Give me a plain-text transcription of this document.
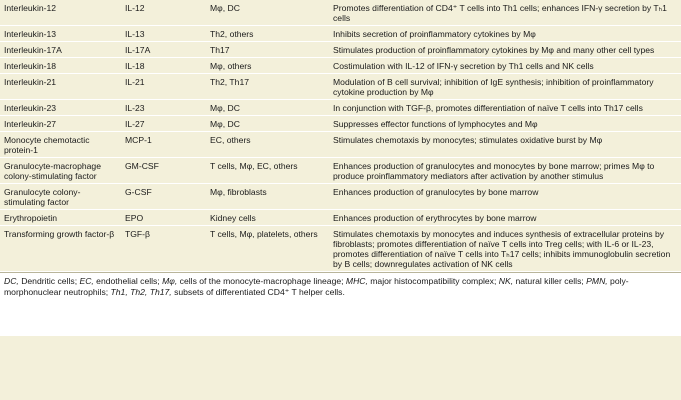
Interleukin-12	IL-12	Mφ, DC	Promotes differentiation of CD4⁺ T cells into Th1 cells; enhances IFN-γ secretion by Tₕ1 cells
Interleukin-13	IL-13	Th2, others	Inhibits secretion of proinflammatory cytokines by Mφ
Interleukin-17A	IL-17A	Th17	Stimulates production of proinflammatory cytokines by Mφ and many other cell types
Interleukin-18	IL-18	Mφ, others	Costimulation with IL-12 of IFN-γ secretion by Th1 cells and NK cells
Interleukin-21	IL-21	Th2, Th17	Modulation of B cell survival; inhibition of IgE synthesis; inhibition of proinflammatory cytokine production by Mφ
Interleukin-23	IL-23	Mφ, DC	In conjunction with TGF-β, promotes differentiation of naïve T cells into Th17 cells
Interleukin-27	IL-27	Mφ, DC	Suppresses effector functions of lymphocytes and Mφ
Monocyte chemotactic protein-1	MCP-1	EC, others	Stimulates chemotaxis by monocytes; stimulates oxidative burst by Mφ
Granulocyte-macrophage colony-stimulating factor	GM-CSF	T cells, Mφ, EC, others	Enhances production of granulocytes and monocytes by bone marrow; primes Mφ to produce proinflammatory mediators after activation by another stimulus
Granulocyte colony-stimulating factor	G-CSF	Mφ, fibroblasts	Enhances production of granulocytes by bone marrow
Erythropoietin	EPO	Kidney cells	Enhances production of erythrocytes by bone marrow
Transforming growth factor-β	TGF-β	T cells, Mφ, platelets, others	Stimulates chemotaxis by monocytes and induces synthesis of extracellular proteins by fibroblasts; promotes differentiation of naïve T cells into Treg cells; with IL-6 or IL-23, promotes differentiation of naïve T cells into Tₕ17 cells; inhibits immunoglobulin secretion by B cells; downregulates activation of NK cells
DC, Dendritic cells; EC, endothelial cells; Mφ, cells of the monocyte-macrophage lineage; MHC, major histocompatibility complex; NK, natural killer cells; PMN, poly-morphonuclear neutrophils; Th1, Th2, Th17, subsets of differentiated CD4⁺ T helper cells.
